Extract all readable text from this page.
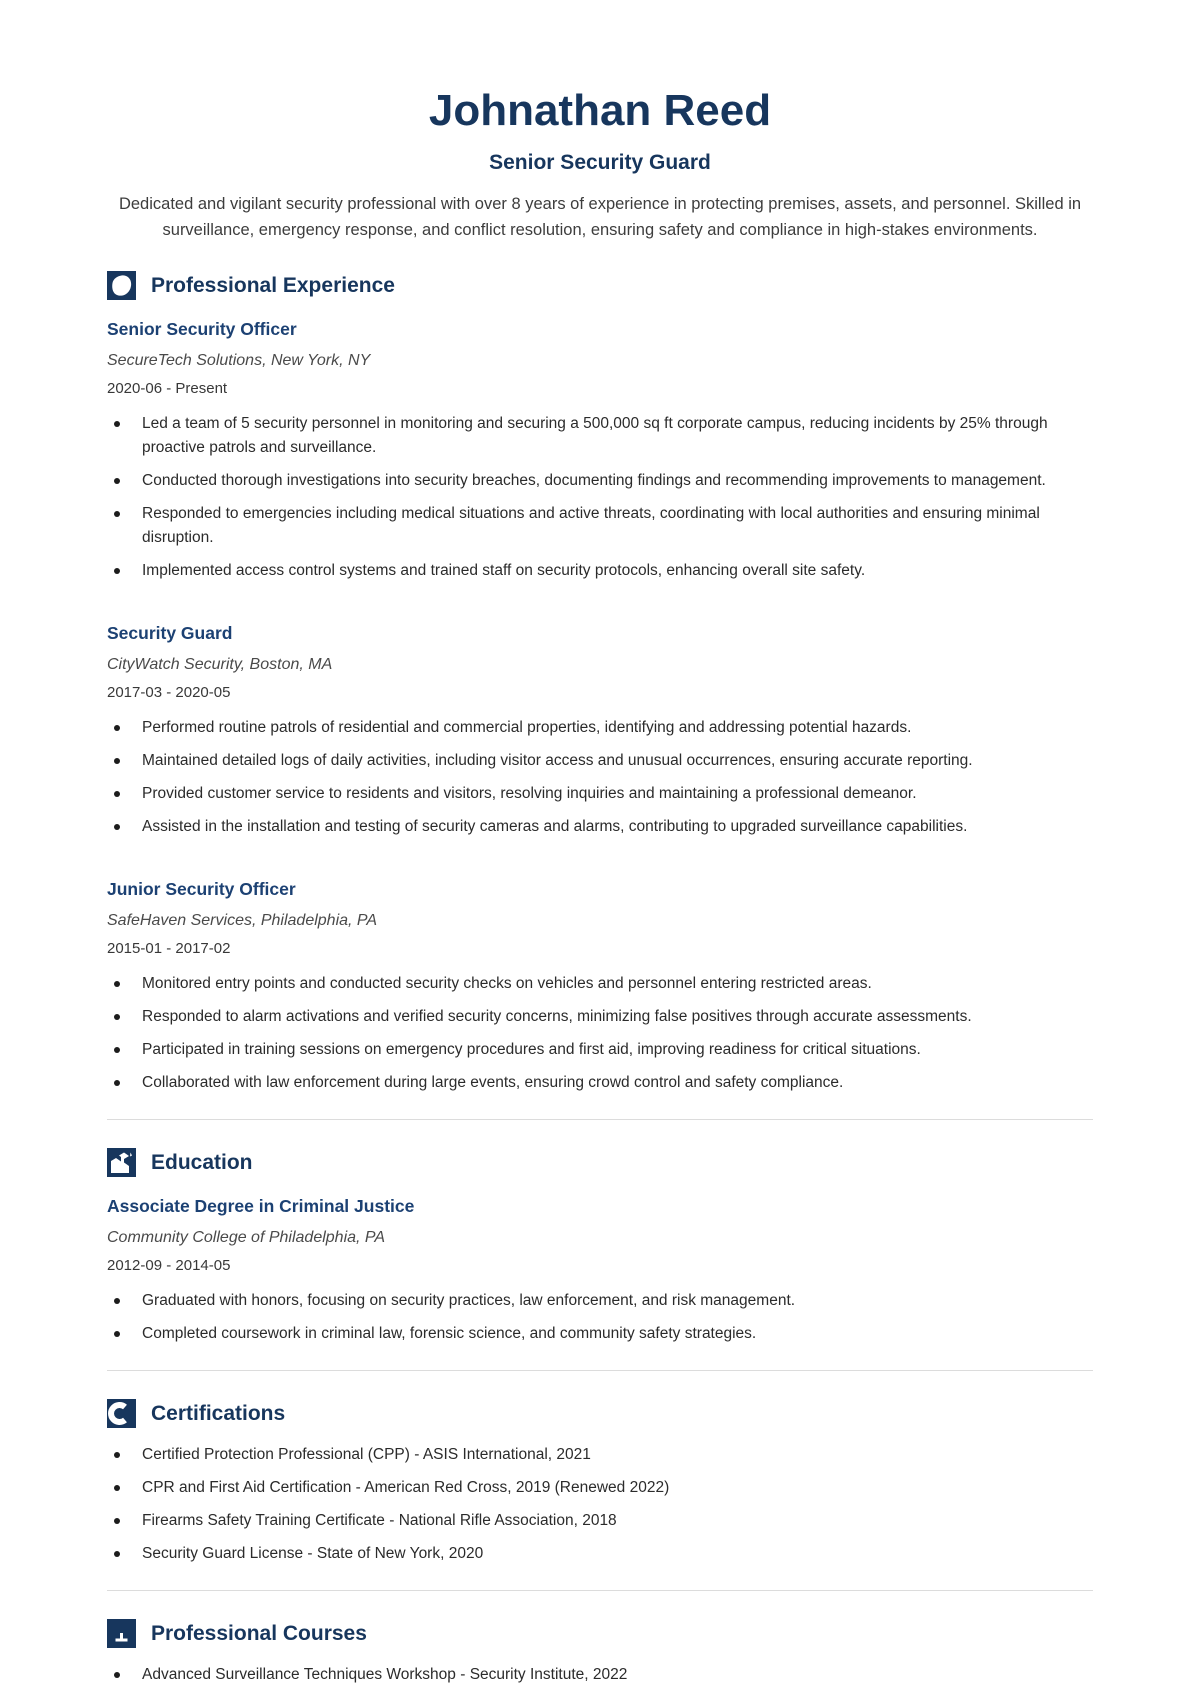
Johnathan Reed
Senior Security Guard
Dedicated and vigilant security professional with over 8 years of experience in protecting premises, assets, and personnel. Skilled in surveillance, emergency response, and conflict resolution, ensuring safety and compliance in high-stakes environments.
Professional Experience
Senior Security Officer
SecureTech Solutions, New York, NY
2020-06 - Present
Led a team of 5 security personnel in monitoring and securing a 500,000 sq ft corporate campus, reducing incidents by 25% through proactive patrols and surveillance.
Conducted thorough investigations into security breaches, documenting findings and recommending improvements to management.
Responded to emergencies including medical situations and active threats, coordinating with local authorities and ensuring minimal disruption.
Implemented access control systems and trained staff on security protocols, enhancing overall site safety.
Security Guard
CityWatch Security, Boston, MA
2017-03 - 2020-05
Performed routine patrols of residential and commercial properties, identifying and addressing potential hazards.
Maintained detailed logs of daily activities, including visitor access and unusual occurrences, ensuring accurate reporting.
Provided customer service to residents and visitors, resolving inquiries and maintaining a professional demeanor.
Assisted in the installation and testing of security cameras and alarms, contributing to upgraded surveillance capabilities.
Junior Security Officer
SafeHaven Services, Philadelphia, PA
2015-01 - 2017-02
Monitored entry points and conducted security checks on vehicles and personnel entering restricted areas.
Responded to alarm activations and verified security concerns, minimizing false positives through accurate assessments.
Participated in training sessions on emergency procedures and first aid, improving readiness for critical situations.
Collaborated with law enforcement during large events, ensuring crowd control and safety compliance.
Education
Associate Degree in Criminal Justice
Community College of Philadelphia, PA
2012-09 - 2014-05
Graduated with honors, focusing on security practices, law enforcement, and risk management.
Completed coursework in criminal law, forensic science, and community safety strategies.
Certifications
Certified Protection Professional (CPP) - ASIS International, 2021
CPR and First Aid Certification - American Red Cross, 2019 (Renewed 2022)
Firearms Safety Training Certificate - National Rifle Association, 2018
Security Guard License - State of New York, 2020
Professional Courses
Advanced Surveillance Techniques Workshop - Security Institute, 2022
